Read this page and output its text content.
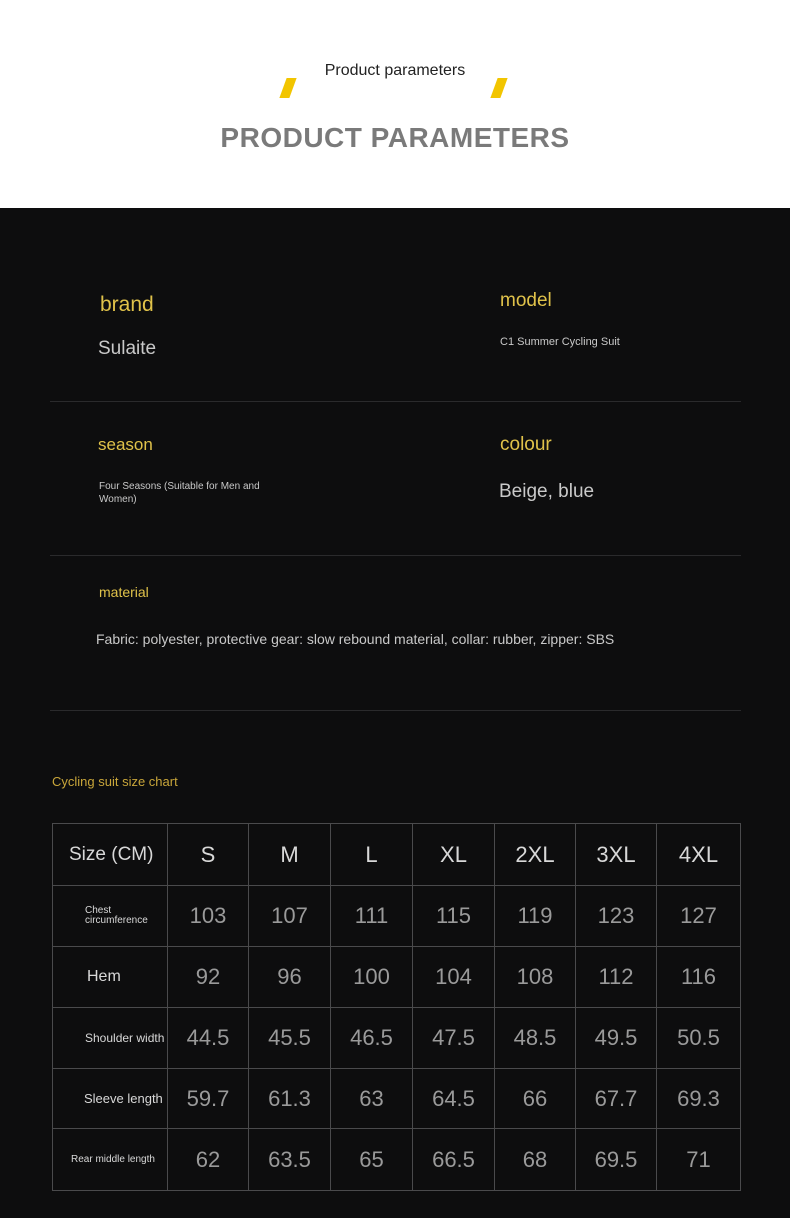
Product parameters
PRODUCT PARAMETERS
brand
Sulaite
model
C1 Summer Cycling Suit
season
Four Seasons (Suitable for Men and Women)
colour
Beige, blue
material
Fabric: polyester, protective gear: slow rebound material, collar: rubber, zipper: SBS
Cycling suit size chart
Size (CM)	S	M	L	XL	2XL	3XL	4XL
Chest circumference	103	107	111	115	119	123	127
Hem	92	96	100	104	108	112	116
Shoulder width	44.5	45.5	46.5	47.5	48.5	49.5	50.5
Sleeve length	59.7	61.3	63	64.5	66	67.7	69.3
Rear middle length	62	63.5	65	66.5	68	69.5	71
